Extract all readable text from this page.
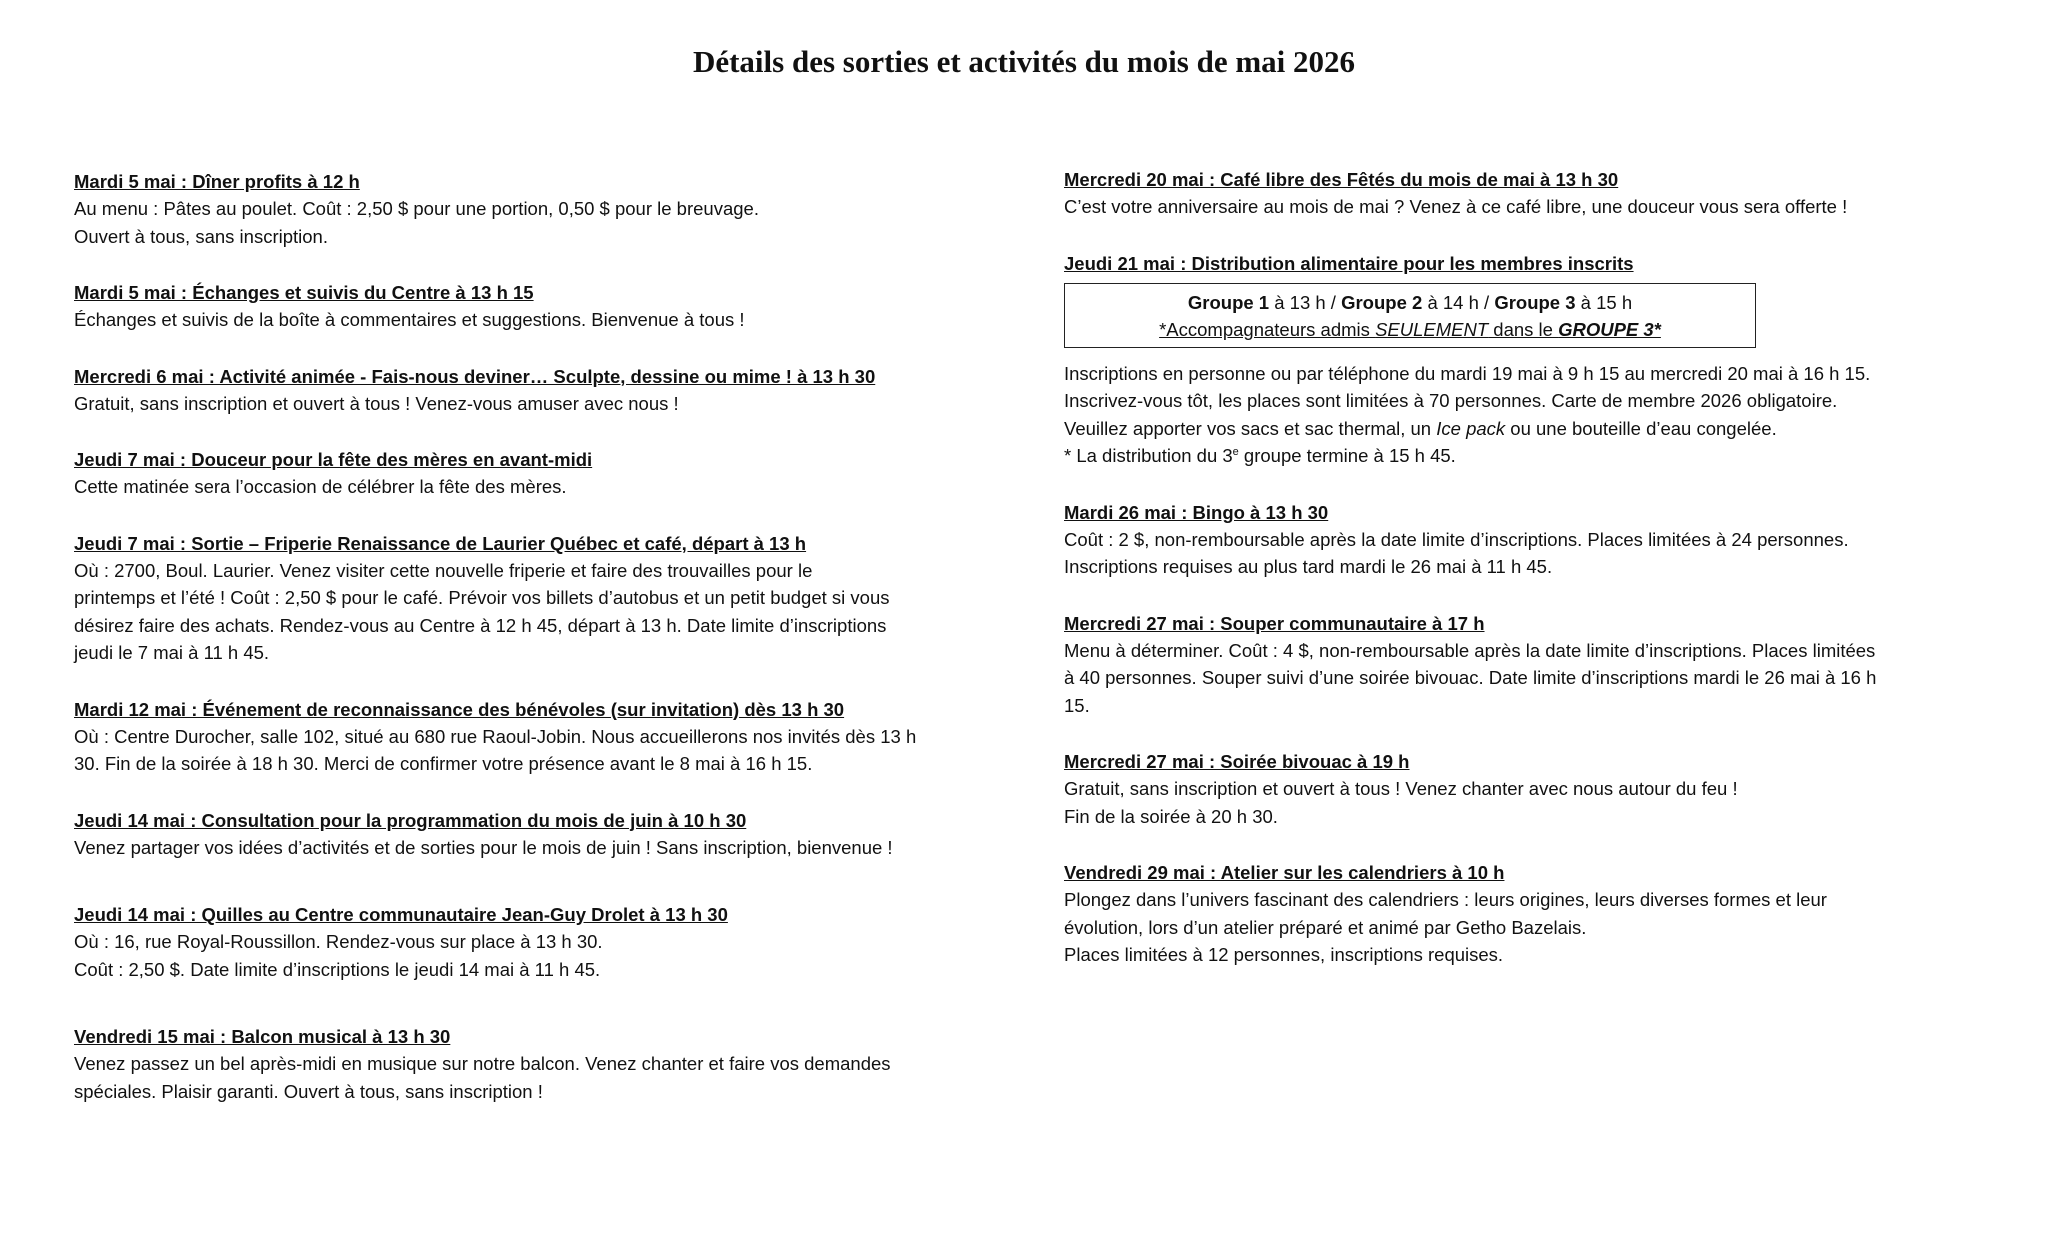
Détails des sorties et activités du mois de mai 2026

Mardi 5 mai : Dîner profits à 12 h

Au menu : Pâtes au poulet. Coût : 2,50 $ pour une portion, 0,50 $ pour le breuvage.

Ouvert à tous, sans inscription.

Mardi 5 mai : Échanges et suivis du Centre à 13 h 15

Échanges et suivis de la boîte à commentaires et suggestions. Bienvenue à tous !

Mercredi 6 mai : Activité animée - Fais-nous deviner… Sculpte, dessine ou mime ! à 13 h 30

Gratuit, sans inscription et ouvert à tous ! Venez-vous amuser avec nous !

Jeudi 7 mai : Douceur pour la fête des mères en avant-midi

Cette matinée sera l’occasion de célébrer la fête des mères.

Jeudi 7 mai : Sortie – Friperie Renaissance de Laurier Québec et café, départ à 13 h

Où : 2700, Boul. Laurier. Venez visiter cette nouvelle friperie et faire des trouvailles pour le

printemps et l’été ! Coût : 2,50 $ pour le café. Prévoir vos billets d’autobus et un petit budget si vous

désirez faire des achats. Rendez-vous au Centre à 12 h 45, départ à 13 h. Date limite d’inscriptions

jeudi le 7 mai à 11 h 45.

Mardi 12 mai : Événement de reconnaissance des bénévoles (sur invitation) dès 13 h 30

Où : Centre Durocher, salle 102, situé au 680 rue Raoul-Jobin. Nous accueillerons nos invités dès 13 h

30. Fin de la soirée à 18 h 30. Merci de confirmer votre présence avant le 8 mai à 16 h 15.

Jeudi 14 mai : Consultation pour la programmation du mois de juin à 10 h 30

Venez partager vos idées d’activités et de sorties pour le mois de juin ! Sans inscription, bienvenue !

Jeudi 14 mai : Quilles au Centre communautaire Jean-Guy Drolet à 13 h 30

Où : 16, rue Royal-Roussillon. Rendez-vous sur place à 13 h 30.

Coût : 2,50 $. Date limite d’inscriptions le jeudi 14 mai à 11 h 45.

Vendredi 15 mai : Balcon musical à 13 h 30

Venez passez un bel après-midi en musique sur notre balcon. Venez chanter et faire vos demandes

spéciales. Plaisir garanti. Ouvert à tous, sans inscription !

Mercredi 20 mai : Café libre des Fêtés du mois de mai à 13 h 30

C’est votre anniversaire au mois de mai ? Venez à ce café libre, une douceur vous sera offerte !

Jeudi 21 mai : Distribution alimentaire pour les membres inscrits

Groupe 1 à 13 h / Groupe 2 à 14 h / Groupe 3 à 15 h
*Accompagnateurs admis SEULEMENT dans le GROUPE 3*

Inscriptions en personne ou par téléphone du mardi 19 mai à 9 h 15 au mercredi 20 mai à 16 h 15.

Inscrivez-vous tôt, les places sont limitées à 70 personnes. Carte de membre 2026 obligatoire.

Veuillez apporter vos sacs et sac thermal, un Ice pack ou une bouteille d’eau congelée.

* La distribution du 3e groupe termine à 15 h 45.

Mardi 26 mai : Bingo à 13 h 30

Coût : 2 $, non-remboursable après la date limite d’inscriptions. Places limitées à 24 personnes.

Inscriptions requises au plus tard mardi le 26 mai à 11 h 45.

Mercredi 27 mai : Souper communautaire à 17 h

Menu à déterminer. Coût : 4 $, non-remboursable après la date limite d’inscriptions. Places limitées

à 40 personnes. Souper suivi d’une soirée bivouac. Date limite d’inscriptions mardi le 26 mai à 16 h

15.

Mercredi 27 mai : Soirée bivouac à 19 h

Gratuit, sans inscription et ouvert à tous ! Venez chanter avec nous autour du feu !

Fin de la soirée à 20 h 30.

Vendredi 29 mai : Atelier sur les calendriers à 10 h

Plongez dans l’univers fascinant des calendriers : leurs origines, leurs diverses formes et leur

évolution, lors d’un atelier préparé et animé par Getho Bazelais.

Places limitées à 12 personnes, inscriptions requises.
